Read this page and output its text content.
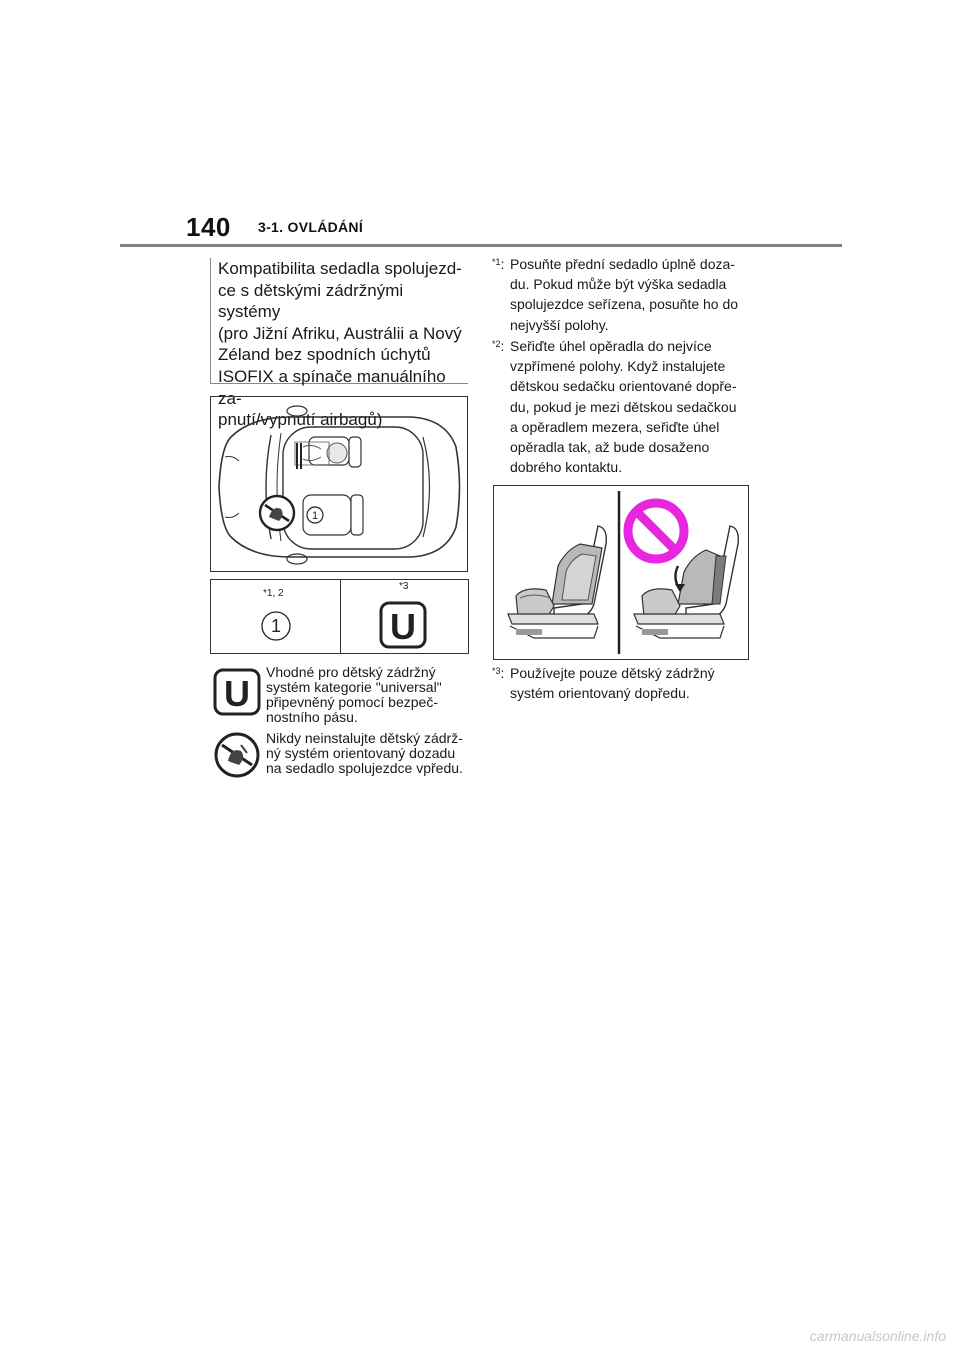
140 3-1. OVLÁDÁNÍ
Kompatibilita sedadla spolujezd-
ce s dětskými zádržnými systémy
(pro Jižní Afriku, Austrálii a Nový
Zéland bez spodních úchytů
ISOFIX a spínače manuálního za-
pnutí/vypnutí airbagů)
1
*1, 2
*3
1	U
U
Vhodné pro dětský zádržný
systém kategorie "universal"
připevněný pomocí bezpeč-
nostního pásu.
Nikdy neinstalujte dětský zádrž-
ný systém orientovaný dozadu
na sedadlo spolujezdce vpředu.
$^{*1}$: Posuňte přední sedadlo úplně doza-
du. Pokud může být výška sedadla
spolujezdce seřízena, posuňte ho do
nejvyšší polohy.
$^{*2}$: Seřiďte úhel opěradla do nejvíce
vzpřímené polohy. Když instalujete
dětskou sedačku orientované dopře-
du, pokud je mezi dětskou sedačkou
a opěradlem mezera, seřiďte úhel
opěradla tak, až bude dosaženo
dobrého kontaktu.
$^{*3}$: Používejte pouze dětský zádržný
systém orientovaný dopředu.
carmanualsonline.info
